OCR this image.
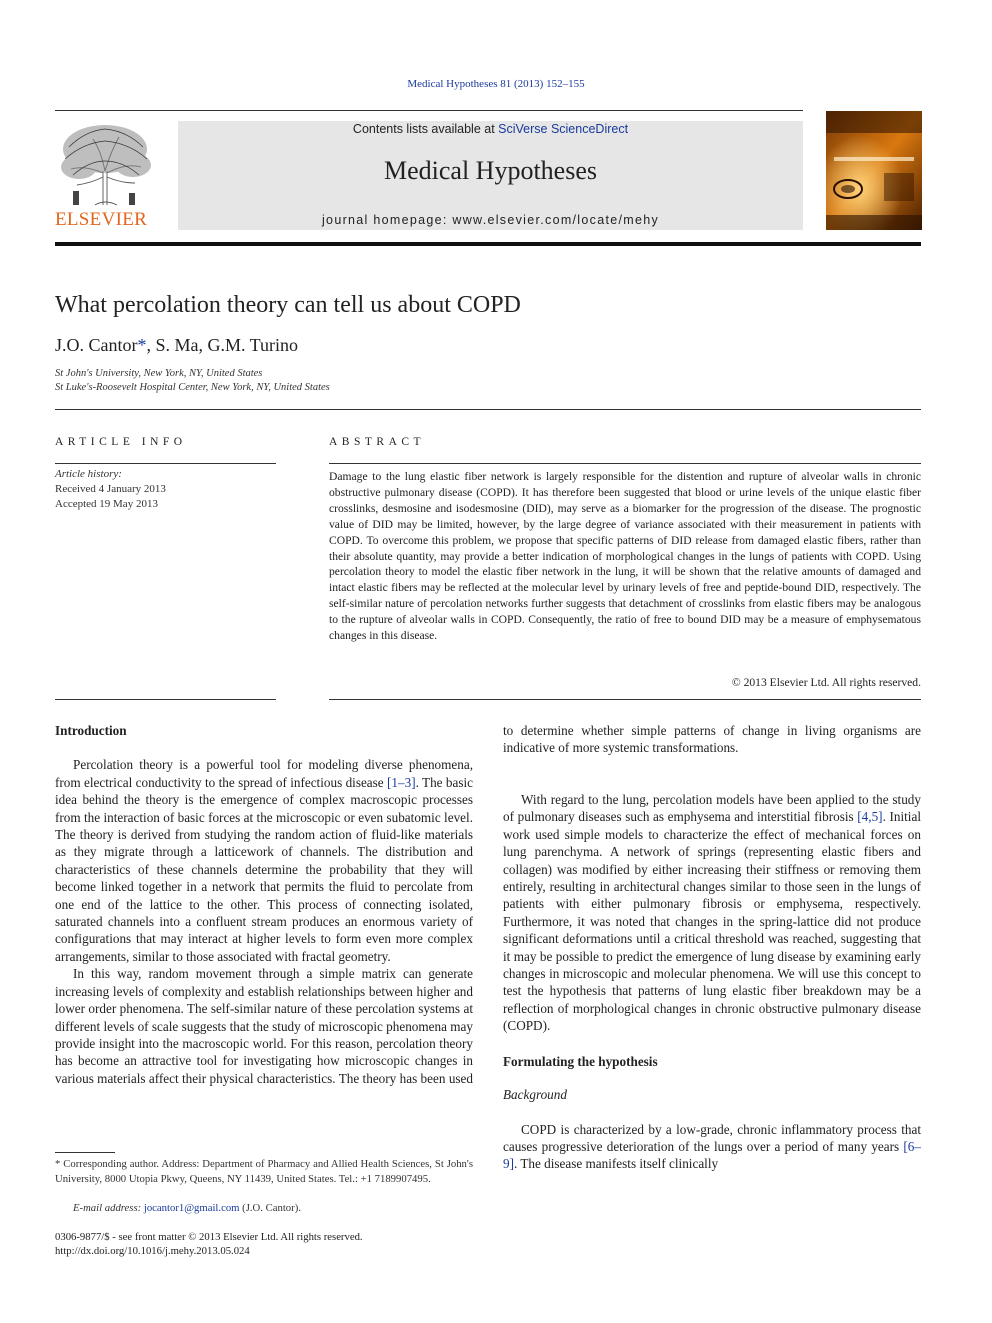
Medical Hypotheses 81 (2013) 152–155
ELSEVIER
Contents lists available at SciVerse ScienceDirect
Medical Hypotheses
journal homepage: www.elsevier.com/locate/mehy
What percolation theory can tell us about COPD
J.O. Cantor*, S. Ma, G.M. Turino
St John's University, New York, NY, United States
St Luke's-Roosevelt Hospital Center, New York, NY, United States
ARTICLE INFO
Article history:
Received 4 January 2013
Accepted 19 May 2013
ABSTRACT
Damage to the lung elastic fiber network is largely responsible for the distention and rupture of alveolar walls in chronic obstructive pulmonary disease (COPD). It has therefore been suggested that blood or urine levels of the unique elastic fiber crosslinks, desmosine and isodesmosine (DID), may serve as a biomarker for the progression of the disease. The prognostic value of DID may be limited, however, by the large degree of variance associated with their measurement in patients with COPD. To overcome this problem, we propose that specific patterns of DID release from damaged elastic fibers, rather than their absolute quantity, may provide a better indication of morphological changes in the lungs of patients with COPD. Using percolation theory to model the elastic fiber network in the lung, it will be shown that the relative amounts of damaged and intact elastic fibers may be reflected at the molecular level by urinary levels of free and peptide-bound DID, respectively. The self-similar nature of percolation networks further suggests that detachment of crosslinks from elastic fibers may be analogous to the rupture of alveolar walls in COPD. Consequently, the ratio of free to bound DID may be a measure of emphysematous changes in this disease.
© 2013 Elsevier Ltd. All rights reserved.
Introduction

Percolation theory is a powerful tool for modeling diverse phenomena, from electrical conductivity to the spread of infectious disease [1–3]. The basic idea behind the theory is the emergence of complex macroscopic processes from the interaction of basic forces at the microscopic or even subatomic level. The theory is derived from studying the random action of fluid-like materials as they migrate through a latticework of channels. The distribution and characteristics of these channels determine the probability that they will become linked together in a network that permits the fluid to percolate from one end of the lattice to the other. This process of connecting isolated, saturated channels into a confluent stream produces an enormous variety of configurations that may interact at higher levels to form even more complex arrangements, similar to those associated with fractal geometry.

In this way, random movement through a simple matrix can generate increasing levels of complexity and establish relationships between higher and lower order phenomena. The self-similar nature of these percolation systems at different levels of scale suggests that the study of microscopic phenomena may provide insight into the macroscopic world. For this reason, percolation theory has become an attractive tool for investigating how microscopic changes in various materials affect their physical characteristics. The theory has been used

* Corresponding author. Address: Department of Pharmacy and Allied Health Sciences, St John's University, 8000 Utopia Pkwy, Queens, NY 11439, United States. Tel.: +1 7189907495.
E-mail address: jocantor1@gmail.com (J.O. Cantor).
0306-9877/$ - see front matter © 2013 Elsevier Ltd. All rights reserved.
http://dx.doi.org/10.1016/j.mehy.2013.05.024
to determine whether simple patterns of change in living organisms are indicative of more systemic transformations.

With regard to the lung, percolation models have been applied to the study of pulmonary diseases such as emphysema and interstitial fibrosis [4,5]. Initial work used simple models to characterize the effect of mechanical forces on lung parenchyma. A network of springs (representing elastic fibers and collagen) was modified by either increasing their stiffness or removing them entirely, resulting in architectural changes similar to those seen in the lungs of patients with either pulmonary fibrosis or emphysema, respectively. Furthermore, it was noted that changes in the spring-lattice did not produce significant deformations until a critical threshold was reached, suggesting that it may be possible to predict the emergence of lung disease by examining early changes in microscopic and molecular phenomena. We will use this concept to test the hypothesis that patterns of lung elastic fiber breakdown may be a reflection of morphological changes in chronic obstructive pulmonary disease (COPD).

Formulating the hypothesis
Background

COPD is characterized by a low-grade, chronic inflammatory process that causes progressive deterioration of the lungs over a period of many years [6–9]. The disease manifests itself clinically
